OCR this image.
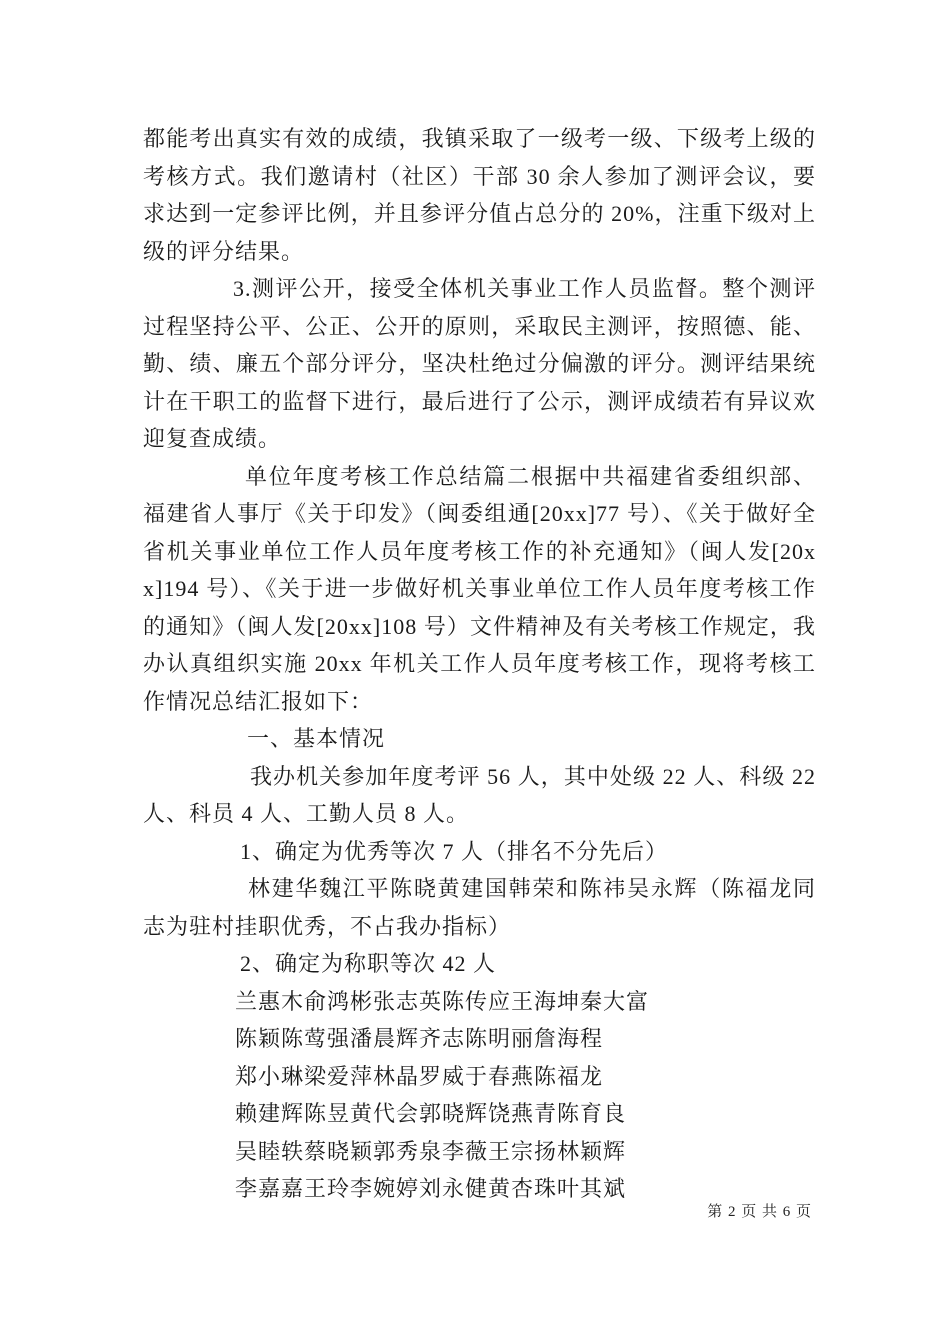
都能考出真实有效的成绩，我镇采取了一级考一级、下级考上级的考核方式。我们邀请村（社区）干部 30 余人参加了测评会议，要求达到一定参评比例，并且参评分值占总分的 20%，注重下级对上级的评分结果。

3.测评公开，接受全体机关事业工作人员监督。整个测评过程坚持公平、公正、公开的原则，采取民主测评，按照德、能、勤、绩、廉五个部分评分，坚决杜绝过分偏激的评分。测评结果统计在干职工的监督下进行，最后进行了公示，测评成绩若有异议欢迎复查成绩。

单位年度考核工作总结篇二根据中共福建省委组织部、福建省人事厅《关于印发》（闽委组通[20xx]77 号）、《关于做好全省机关事业单位工作人员年度考核工作的补充通知》（闽人发[20xx]194 号）、《关于进一步做好机关事业单位工作人员年度考核工作的通知》（闽人发[20xx]108 号）文件精神及有关考核工作规定，我办认真组织实施 20xx 年机关工作人员年度考核工作，现将考核工作情况总结汇报如下：

一、基本情况

我办机关参加年度考评 56 人，其中处级 22 人、科级 22 人、科员 4 人、工勤人员 8 人。

1、确定为优秀等次 7 人（排名不分先后）

林建华魏江平陈晓黄建国韩荣和陈祎吴永辉（陈福龙同志为驻村挂职优秀，不占我办指标）

2、确定为称职等次 42 人

兰惠木俞鸿彬张志英陈传应王海坤秦大富

陈颖陈莺强潘晨辉齐志陈明丽詹海程

郑小琳梁爱萍林晶罗威于春燕陈福龙

赖建辉陈昱黄代会郭晓辉饶燕青陈育良

吴睦轶蔡晓颖郭秀泉李薇王宗扬林颖辉

李嘉嘉王玲李婉婷刘永健黄杏珠叶其斌

第 2 页 共 6 页
